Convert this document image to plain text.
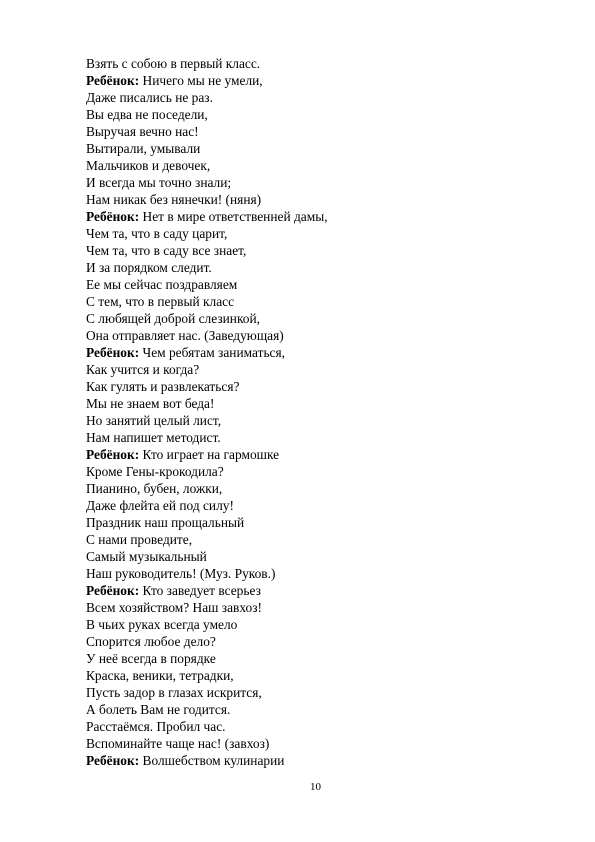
Взять с собою в первый класс.
Ребёнок: Ничего мы не умели,
Даже писались не раз.
Вы едва не поседели,
Выручая вечно нас!
Вытирали, умывали
Мальчиков и девочек,
И всегда мы точно знали;
Нам никак без нянечки! (няня)
Ребёнок: Нет в мире ответственней дамы,
Чем та, что в саду царит,
Чем та, что в саду все знает,
И за порядком следит.
Ее мы сейчас поздравляем
С тем, что в первый класс
С любящей доброй слезинкой,
Она отправляет нас. (Заведующая)
Ребёнок: Чем ребятам заниматься,
Как учится и когда?
Как гулять и развлекаться?
Мы не знаем вот беда!
Но занятий целый лист,
Нам напишет методист.
Ребёнок: Кто играет на гармошке
Кроме Гены-крокодила?
Пианино, бубен, ложки,
Даже флейта ей под силу!
Праздник наш прощальный
С нами проведите,
Самый музыкальный
Наш руководитель! (Муз. Руков.)
Ребёнок: Кто заведует всерьез
Всем хозяйством? Наш завхоз!
В чьих руках всегда умело
Спорится любое дело?
У неё всегда в порядке
Краска, веники, тетрадки,
Пусть задор в глазах искрится,
А болеть Вам не годится.
Расстаёмся. Пробил час.
Вспоминайте чаще нас! (завхоз)
Ребёнок: Волшебством кулинарии
10
